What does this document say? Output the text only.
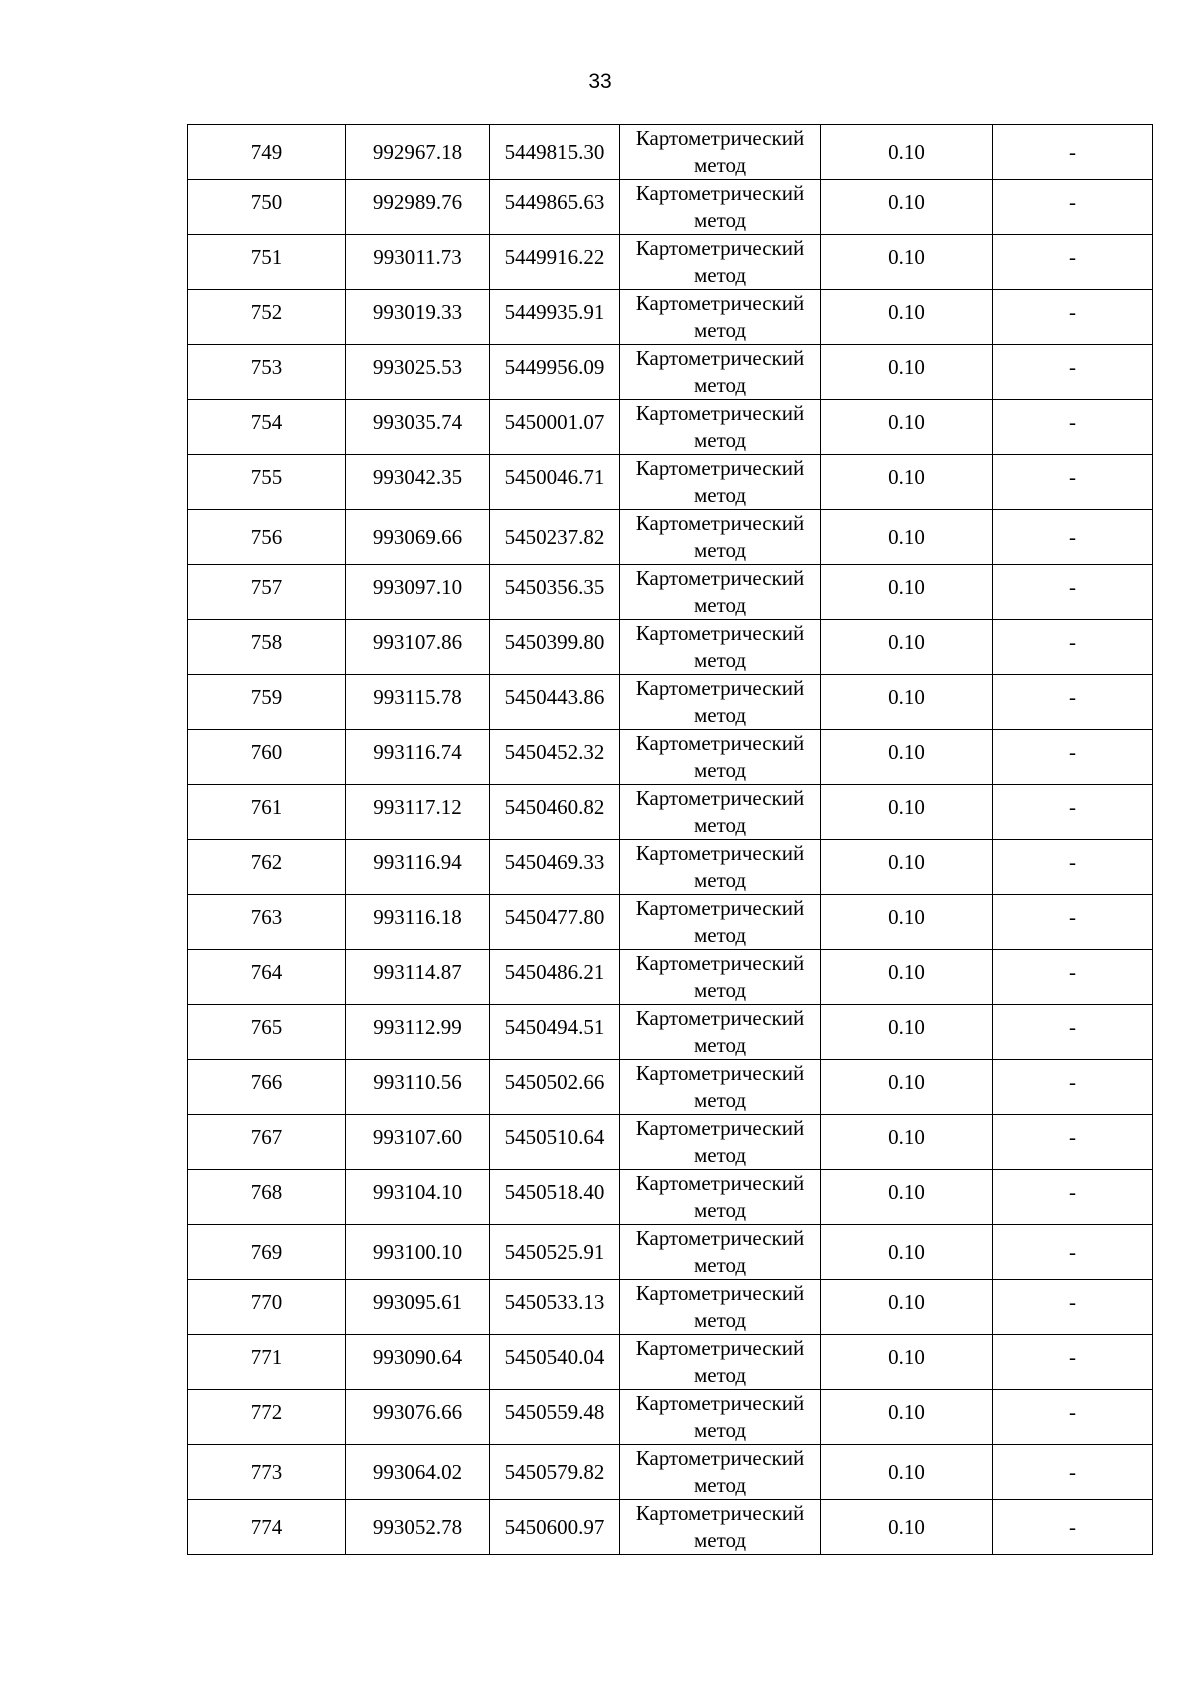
33
749	992967.18	5449815.30	Картометрический метод	0.10	-
750	992989.76	5449865.63	Картометрический метод	0.10	-
751	993011.73	5449916.22	Картометрический метод	0.10	-
752	993019.33	5449935.91	Картометрический метод	0.10	-
753	993025.53	5449956.09	Картометрический метод	0.10	-
754	993035.74	5450001.07	Картометрический метод	0.10	-
755	993042.35	5450046.71	Картометрический метод	0.10	-
756	993069.66	5450237.82	Картометрический метод	0.10	-
757	993097.10	5450356.35	Картометрический метод	0.10	-
758	993107.86	5450399.80	Картометрический метод	0.10	-
759	993115.78	5450443.86	Картометрический метод	0.10	-
760	993116.74	5450452.32	Картометрический метод	0.10	-
761	993117.12	5450460.82	Картометрический метод	0.10	-
762	993116.94	5450469.33	Картометрический метод	0.10	-
763	993116.18	5450477.80	Картометрический метод	0.10	-
764	993114.87	5450486.21	Картометрический метод	0.10	-
765	993112.99	5450494.51	Картометрический метод	0.10	-
766	993110.56	5450502.66	Картометрический метод	0.10	-
767	993107.60	5450510.64	Картометрический метод	0.10	-
768	993104.10	5450518.40	Картометрический метод	0.10	-
769	993100.10	5450525.91	Картометрический метод	0.10	-
770	993095.61	5450533.13	Картометрический метод	0.10	-
771	993090.64	5450540.04	Картометрический метод	0.10	-
772	993076.66	5450559.48	Картометрический метод	0.10	-
773	993064.02	5450579.82	Картометрический метод	0.10	-
774	993052.78	5450600.97	Картометрический метод	0.10	-
